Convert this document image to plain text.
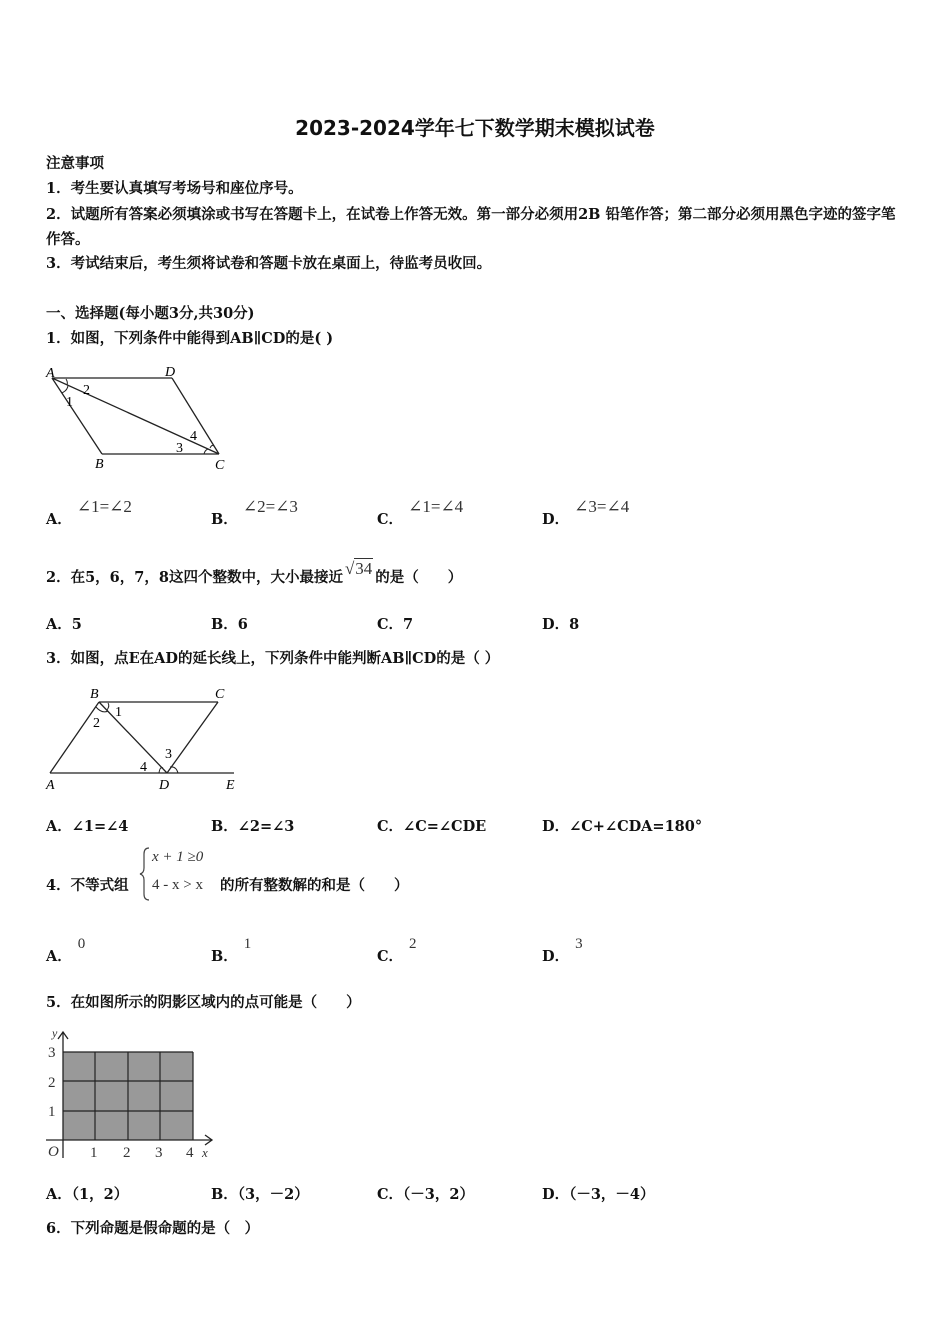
2023-2024学年七下数学期末模拟试卷
注意事项
1．考生要认真填写考场号和座位序号。
2．试题所有答案必须填涂或书写在答题卡上，在试卷上作答无效。第一部分必须用2B 铅笔作答；第二部分必须用黑色字迹的签字笔作答。
3．考试结束后，考生须将试卷和答题卡放在桌面上，待监考员收回。
一、选择题(每小题3分,共30分)
1．如图，下列条件中能得到AB∥CD的是( )
A	D
B	C
1
2
3
4
A． ∠1=∠2
B． ∠2=∠3
C． ∠1=∠4
D． ∠3=∠4
2．在5，6，7，8这四个整数中，大小最接近 √34 的是（　　）
A．5	B．6	C．7	D．8
3．如图，点E在AD的延长线上，下列条件中能判断AB∥CD的是（ ）
B	C
A	D	E
1
2
3
4
A．∠1=∠4	B．∠2=∠3	C．∠C=∠CDE	D．∠C+∠CDA=180°
4．不等式组
x + 1 ≥0
4 - x > x 的所有整数解的和是（　　）
A．0
B．1
C．2
D．3
5．在如图所示的阴影区域内的点可能是（　　）
y
x
O 1 2 3 4
1
2
3
A．（1，2）	B．（3，－2）	C．（－3，2）	D．（－3，－4）
6．下列命题是假命题的是（　）
